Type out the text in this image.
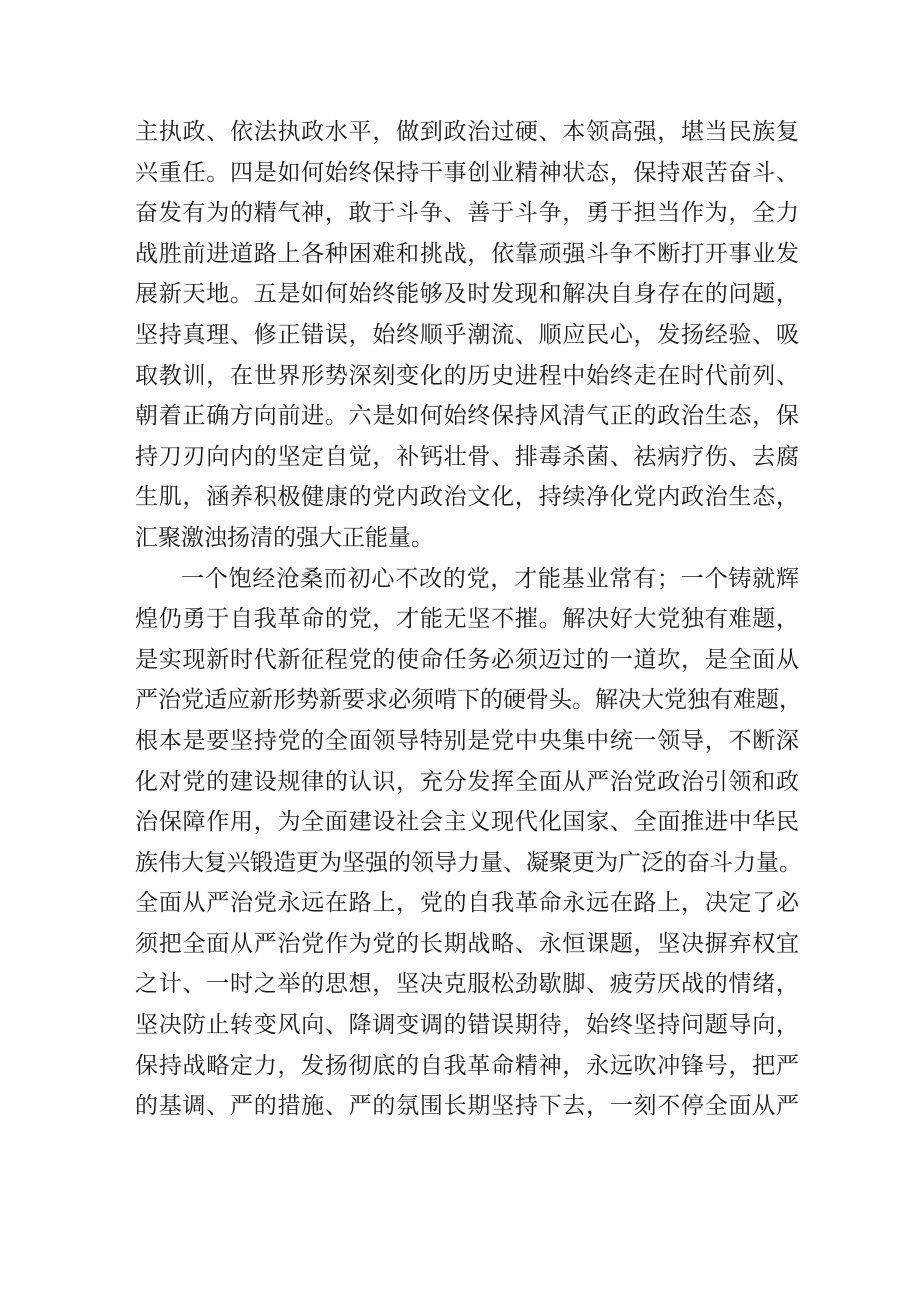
主执政、依法执政水平，做到政治过硬、本领高强，堪当民族复
兴重任。四是如何始终保持干事创业精神状态，保持艰苦奋斗、
奋发有为的精气神，敢于斗争、善于斗争，勇于担当作为，全力
战胜前进道路上各种困难和挑战，依靠顽强斗争不断打开事业发
展新天地。五是如何始终能够及时发现和解决自身存在的问题，
坚持真理、修正错误，始终顺乎潮流、顺应民心，发扬经验、吸
取教训，在世界形势深刻变化的历史进程中始终走在时代前列、
朝着正确方向前进。六是如何始终保持风清气正的政治生态，保
持刀刃向内的坚定自觉，补钙壮骨、排毒杀菌、祛病疗伤、去腐
生肌，涵养积极健康的党内政治文化，持续净化党内政治生态，
汇聚激浊扬清的强大正能量。
一个饱经沧桑而初心不改的党，才能基业常有；一个铸就辉
煌仍勇于自我革命的党，才能无坚不摧。解决好大党独有难题，
是实现新时代新征程党的使命任务必须迈过的一道坎，是全面从
严治党适应新形势新要求必须啃下的硬骨头。解决大党独有难题，
根本是要坚持党的全面领导特别是党中央集中统一领导，不断深
化对党的建设规律的认识，充分发挥全面从严治党政治引领和政
治保障作用，为全面建设社会主义现代化国家、全面推进中华民
族伟大复兴锻造更为坚强的领导力量、凝聚更为广泛的奋斗力量。
全面从严治党永远在路上，党的自我革命永远在路上，决定了必
须把全面从严治党作为党的长期战略、永恒课题，坚决摒弃权宜
之计、一时之举的思想，坚决克服松劲歇脚、疲劳厌战的情绪，
坚决防止转变风向、降调变调的错误期待，始终坚持问题导向，
保持战略定力，发扬彻底的自我革命精神，永远吹冲锋号，把严
的基调、严的措施、严的氛围长期坚持下去，一刻不停全面从严
